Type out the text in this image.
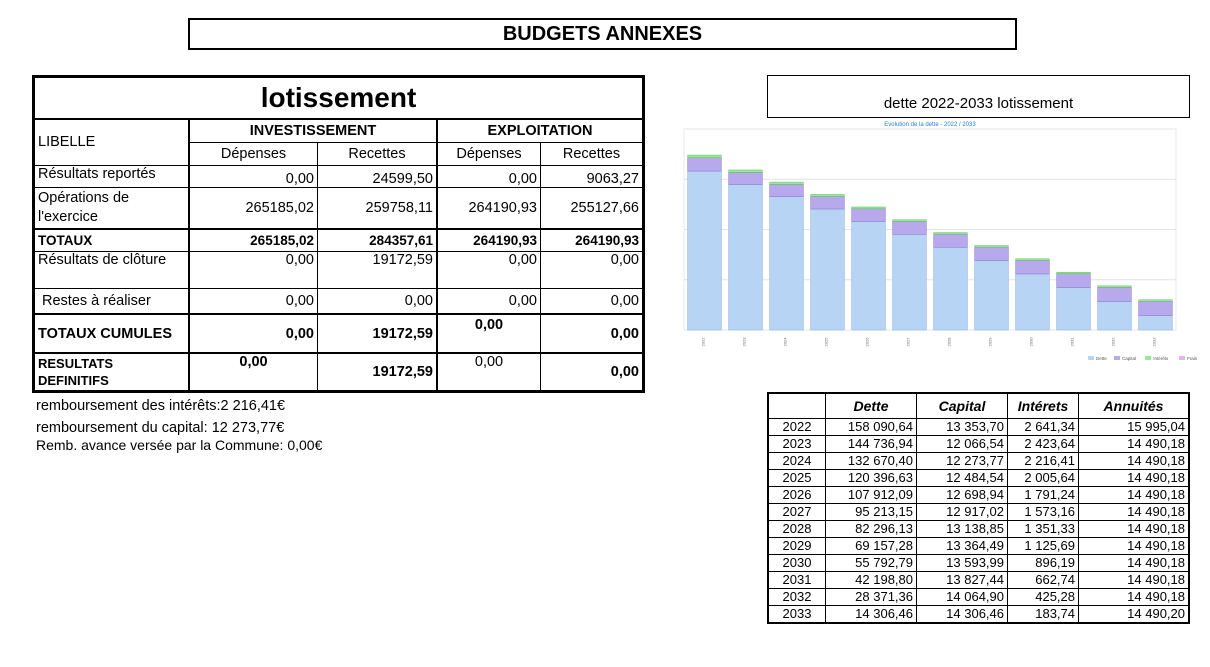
BUDGETS ANNEXES
lotissement				
LIBELLE	INVESTISSEMENT		EXPLOITATION	
	Dépenses	Recettes	Dépenses	Recettes
Résultats reportés	0,00	24599,50	0,00	9063,27
Opérations de l'exercice	265185,02	259758,11	264190,93	255127,66
TOTAUX	265185,02	284357,61	264190,93	264190,93
Résultats de clôture	0,00	19172,59	0,00	0,00
Restes à réaliser	0,00	0,00	0,00	0,00
TOTAUX CUMULES	0,00	19172,59	0,00	0,00
RESULTATS DEFINITIFS	0,00	19172,59	0,00	0,00
remboursement des intérêts:2 216,41€
remboursement du capital: 12 273,77€
Remb. avance versée par la Commune: 0,00€
dette 2022-2033 lotissement
Evolution de la dette - 2022 / 2033
2022	2023	2024	2025	2026	2027	2028	2029	2030	2031	2032	2033
Dette	Capital	Intérêts	Frais
	Dette	Capital	Intérets	Annuités
2022	158 090,64	13 353,70	2 641,34	15 995,04
2023	144 736,94	12 066,54	2 423,64	14 490,18
2024	132 670,40	12 273,77	2 216,41	14 490,18
2025	120 396,63	12 484,54	2 005,64	14 490,18
2026	107 912,09	12 698,94	1 791,24	14 490,18
2027	95 213,15	12 917,02	1 573,16	14 490,18
2028	82 296,13	13 138,85	1 351,33	14 490,18
2029	69 157,28	13 364,49	1 125,69	14 490,18
2030	55 792,79	13 593,99	896,19	14 490,18
2031	42 198,80	13 827,44	662,74	14 490,18
2032	28 371,36	14 064,90	425,28	14 490,18
2033	14 306,46	14 306,46	183,74	14 490,20
